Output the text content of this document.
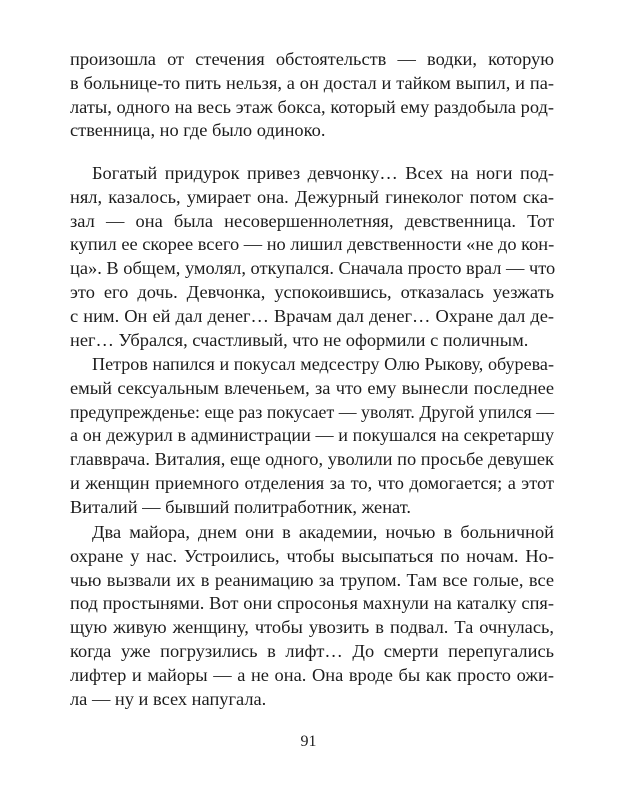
произошла от стечения обстоятельств — водки, которую
в больнице-то пить нельзя, а он достал и тайком выпил, и па-
латы, одного на весь этаж бокса, который ему раздобыла род-
ственница, но где было одиноко.
Богатый придурок привез девчонку… Всех на ноги под-
нял, казалось, умирает она. Дежурный гинеколог потом ска-
зал — она была несовершеннолетняя, девственница. Тот
купил ее скорее всего — но лишил девственности «не до кон-
ца». В общем, умолял, откупался. Сначала просто врал — что
это его дочь. Девчонка, успокоившись, отказалась уезжать
с ним. Он ей дал денег… Врачам дал денег… Охране дал де-
нег… Убрался, счастливый, что не оформили с поличным.
Петров напился и покусал медсестру Олю Рыкову, обурева-
емый сексуальным влеченьем, за что ему вынесли последнее
предупрежденье: еще раз покусает — уволят. Другой упился —
а он дежурил в администрации — и покушался на секретаршу
главврача. Виталия, еще одного, уволили по просьбе девушек
и женщин приемного отделения за то, что домогается; а этот
Виталий — бывший политработник, женат.
Два майора, днем они в академии, ночью в больничной
охране у нас. Устроились, чтобы высыпаться по ночам. Но-
чью вызвали их в реанимацию за трупом. Там все голые, все
под простынями. Вот они спросонья махнули на каталку спя-
щую живую женщину, чтобы увозить в подвал. Та очнулась,
когда уже погрузились в лифт… До смерти перепугались
лифтер и майоры — а не она. Она вроде бы как просто ожи-
ла — ну и всех напугала.
91
